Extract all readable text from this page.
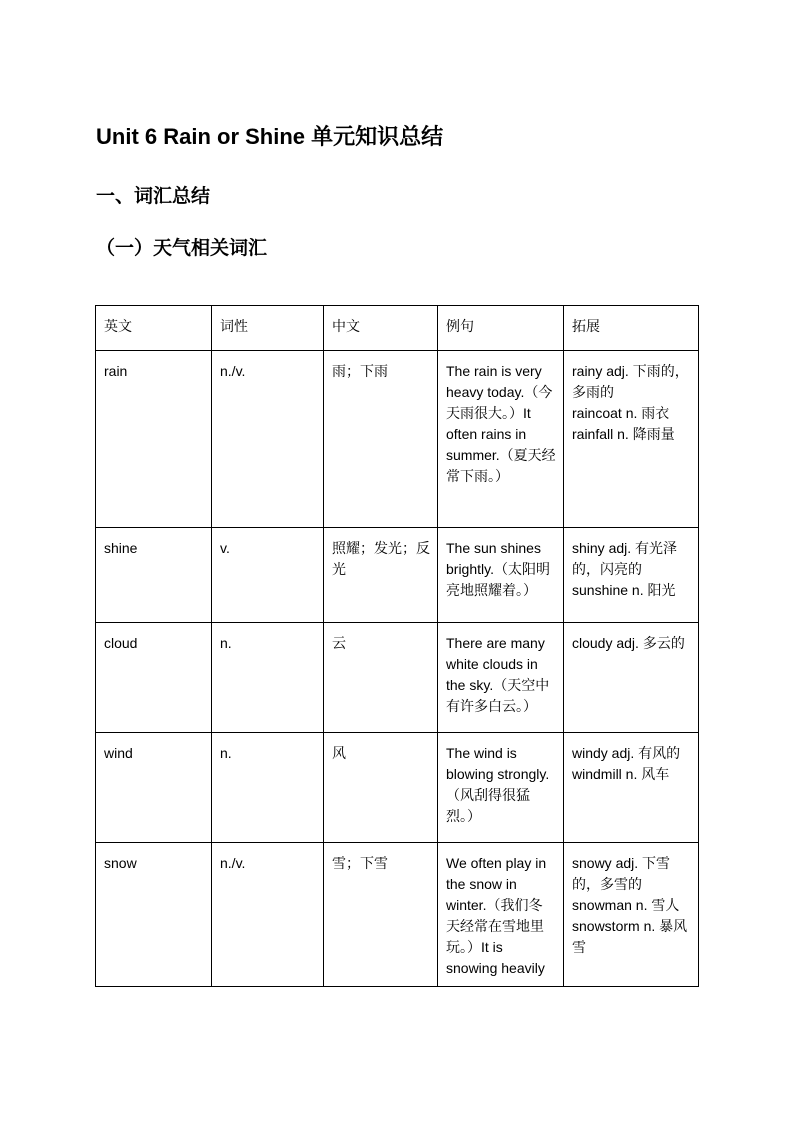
Unit 6 Rain or Shine 单元知识总结
一、词汇总结
（一）天气相关词汇
英文	词性	中文	例句	拓展
rain	n./v.	雨；下雨	The rain is very heavy today.（今天雨很大。）It often rains in summer.（夏天经常下雨。）	rainy adj. 下雨的，多雨的
raincoat n. 雨衣
rainfall n. 降雨量

shine	v.	照耀；发光；反光	The sun shines brightly.（太阳明亮地照耀着。）	shiny adj. 有光泽的，闪亮的
sunshine n. 阳光

cloud	n.	云	There are many white clouds in the sky.（天空中有许多白云。）	cloudy adj. 多云的

wind	n.	风	The wind is blowing strongly.（风刮得很猛烈。）	windy adj. 有风的
windmill n. 风车

snow	n./v.	雪；下雪	We often play in the snow in winter.（我们冬天经常在雪地里玩。）It is snowing heavily	snowy adj. 下雪的，多雪的
snowman n. 雪人
snowstorm n. 暴风雪
